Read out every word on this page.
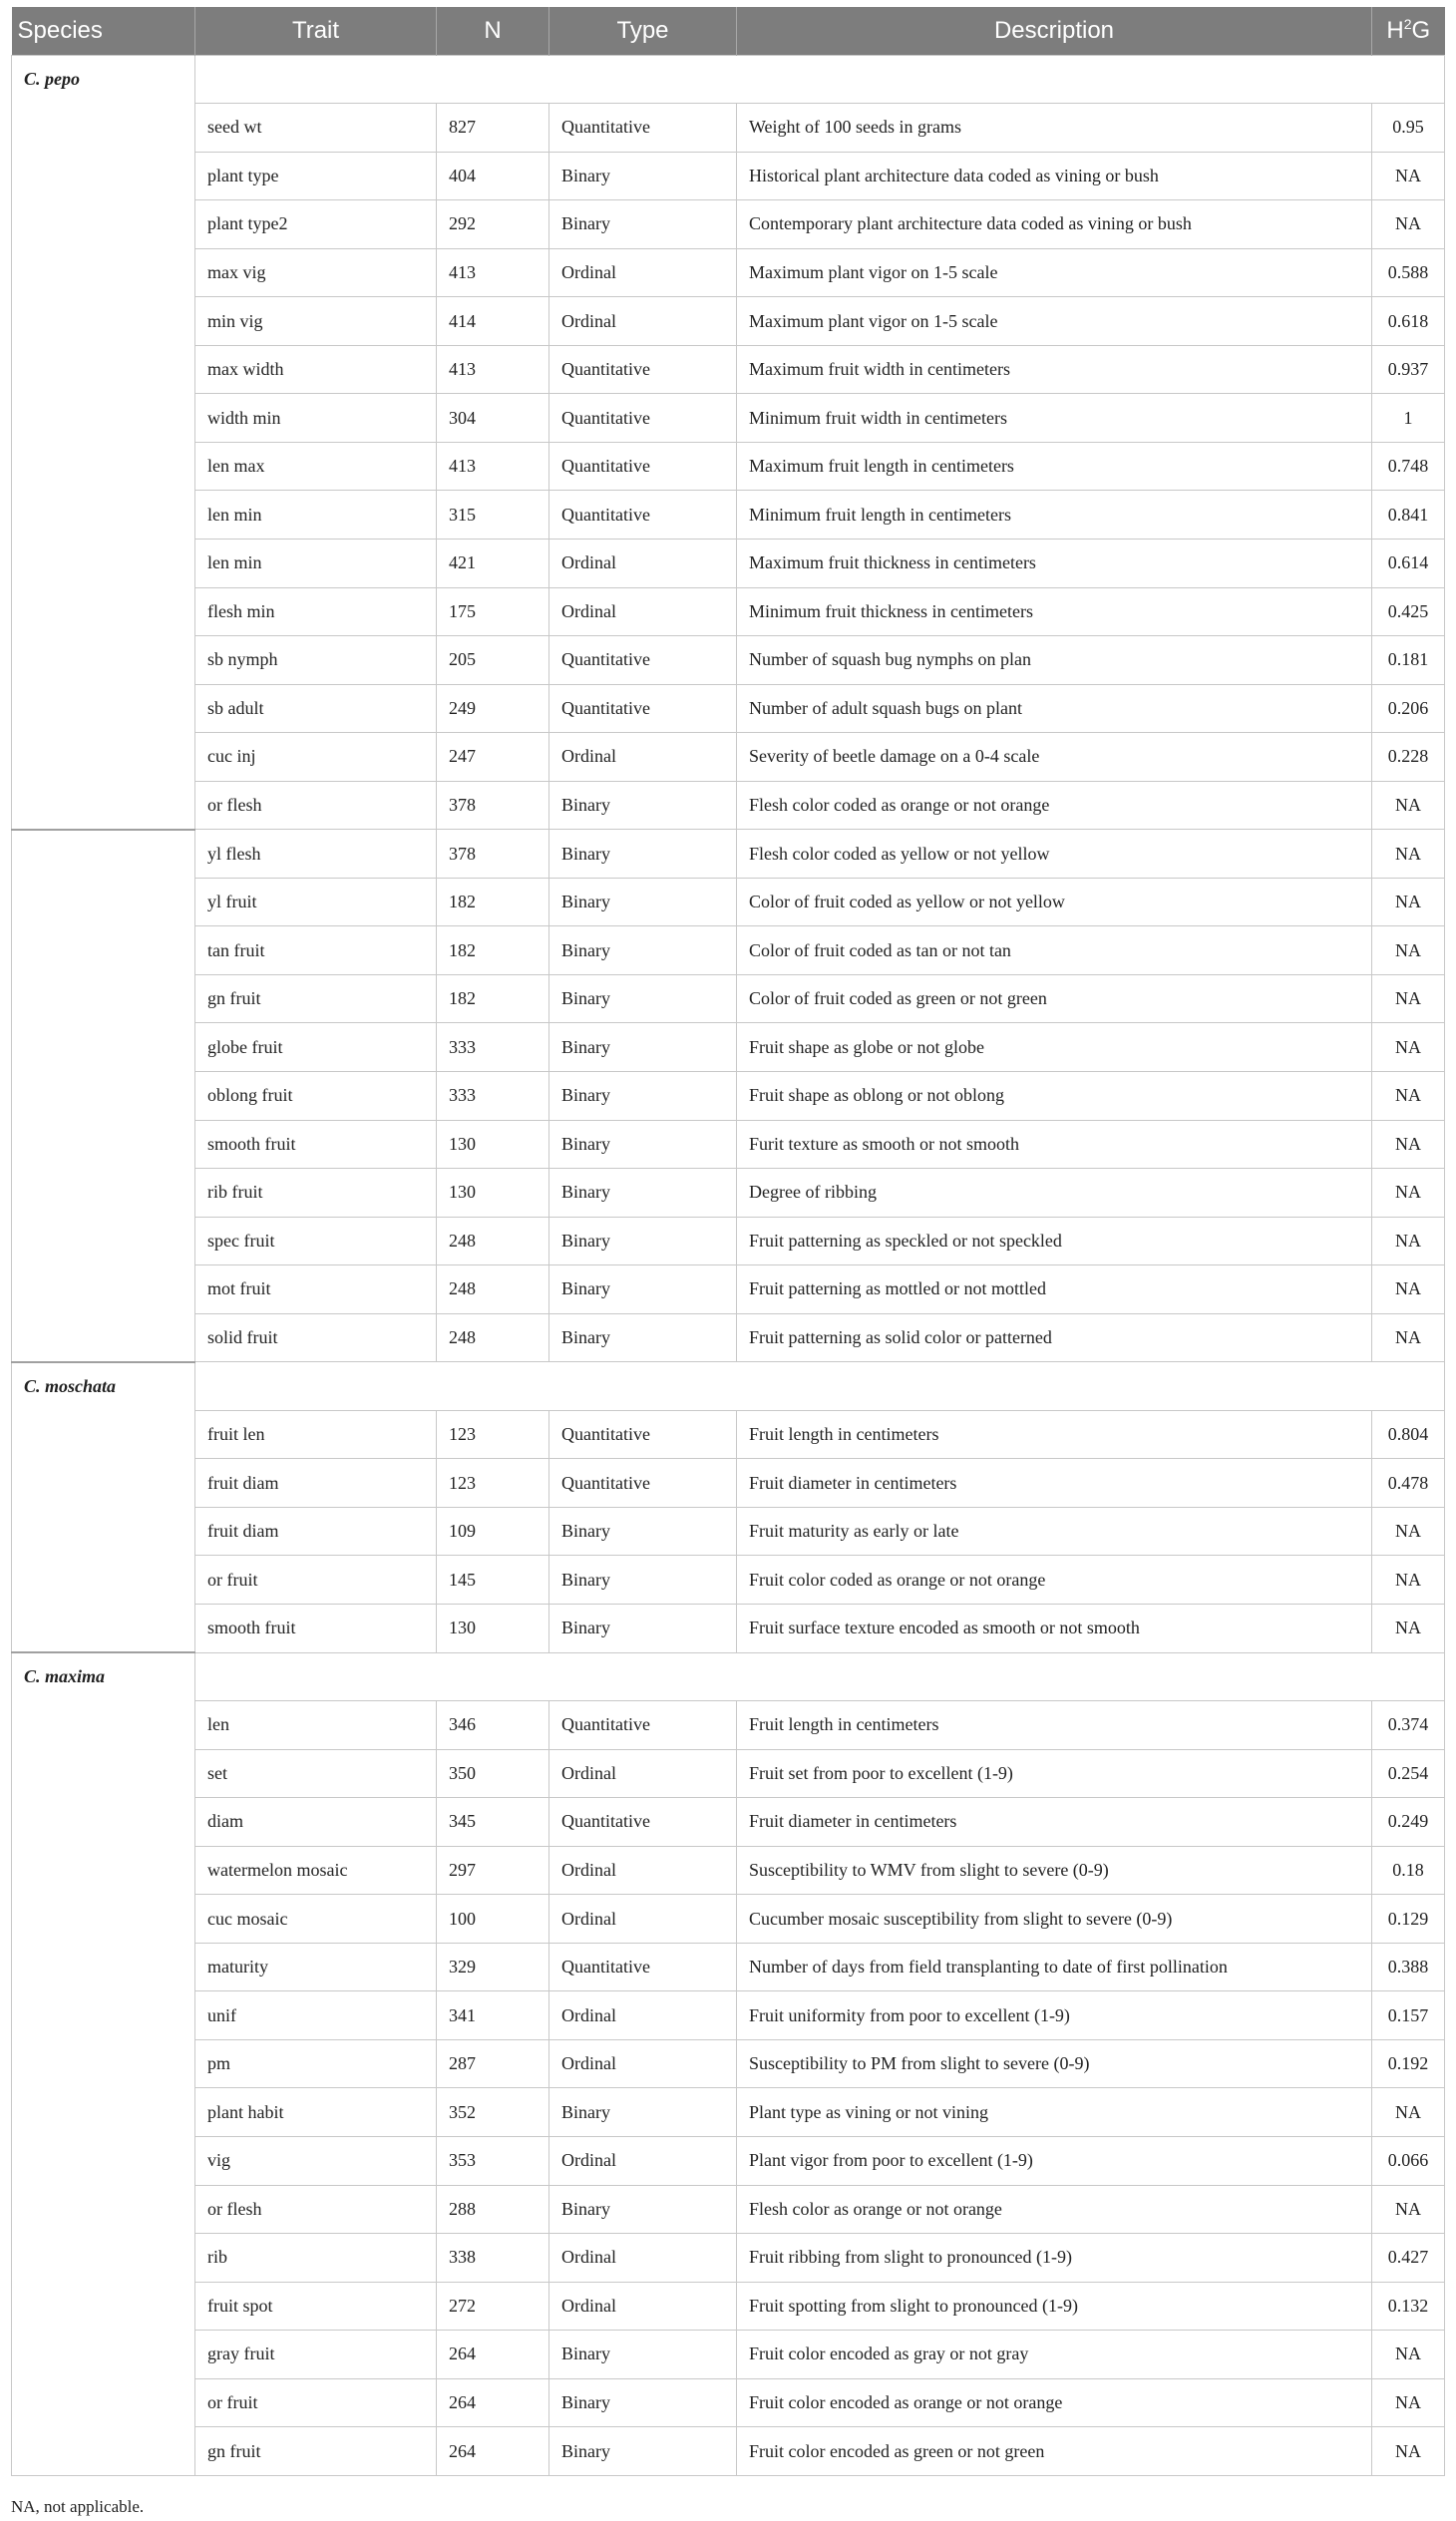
Species	Trait	N	Type	Description	$H^2G$
C. pepo					
	seed wt	827	Quantitative	Weight of 100 seeds in grams	0.95
	plant type	404	Binary	Historical plant architecture data coded as vining or bush	NA
	plant type2	292	Binary	Contemporary plant architecture data coded as vining or bush	NA
	max vig	413	Ordinal	Maximum plant vigor on 1-5 scale	0.588
	min vig	414	Ordinal	Maximum plant vigor on 1-5 scale	0.618
	max width	413	Quantitative	Maximum fruit width in centimeters	0.937
	width min	304	Quantitative	Minimum fruit width in centimeters	1
	len max	413	Quantitative	Maximum fruit length in centimeters	0.748
	len min	315	Quantitative	Minimum fruit length in centimeters	0.841
	len min	421	Ordinal	Maximum fruit thickness in centimeters	0.614
	flesh min	175	Ordinal	Minimum fruit thickness in centimeters	0.425
	sb nymph	205	Quantitative	Number of squash bug nymphs on plan	0.181
	sb adult	249	Quantitative	Number of adult squash bugs on plant	0.206
	cuc inj	247	Ordinal	Severity of beetle damage on a 0-4 scale	0.228
	or flesh	378	Binary	Flesh color coded as orange or not orange	NA
	yl flesh	378	Binary	Flesh color coded as yellow or not yellow	NA
	yl fruit	182	Binary	Color of fruit coded as yellow or not yellow	NA
	tan fruit	182	Binary	Color of fruit coded as tan or not tan	NA
	gn fruit	182	Binary	Color of fruit coded as green or not green	NA
	globe fruit	333	Binary	Fruit shape as globe or not globe	NA
	oblong fruit	333	Binary	Fruit shape as oblong or not oblong	NA
	smooth fruit	130	Binary	Furit texture as smooth or not smooth	NA
	rib fruit	130	Binary	Degree of ribbing	NA
	spec fruit	248	Binary	Fruit patterning as speckled or not speckled	NA
	mot fruit	248	Binary	Fruit patterning as mottled or not mottled	NA
	solid fruit	248	Binary	Fruit patterning as solid color or patterned	NA
C. moschata					
	fruit len	123	Quantitative	Fruit length in centimeters	0.804
	fruit diam	123	Quantitative	Fruit diameter in centimeters	0.478
	fruit diam	109	Binary	Fruit maturity as early or late	NA
	or fruit	145	Binary	Fruit color coded as orange or not orange	NA
	smooth fruit	130	Binary	Fruit surface texture encoded as smooth or not smooth	NA
C. maxima					
	len	346	Quantitative	Fruit length in centimeters	0.374
	set	350	Ordinal	Fruit set from poor to excellent (1-9)	0.254
	diam	345	Quantitative	Fruit diameter in centimeters	0.249
	watermelon mosaic	297	Ordinal	Susceptibility to WMV from slight to severe (0-9)	0.18
	cuc mosaic	100	Ordinal	Cucumber mosaic susceptibility from slight to severe (0-9)	0.129
	maturity	329	Quantitative	Number of days from field transplanting to date of first pollination	0.388
	unif	341	Ordinal	Fruit uniformity from poor to excellent (1-9)	0.157
	pm	287	Ordinal	Susceptibility to PM from slight to severe (0-9)	0.192
	plant habit	352	Binary	Plant type as vining or not vining	NA
	vig	353	Ordinal	Plant vigor from poor to excellent (1-9)	0.066
	or flesh	288	Binary	Flesh color as orange or not orange	NA
	rib	338	Ordinal	Fruit ribbing from slight to pronounced (1-9)	0.427
	fruit spot	272	Ordinal	Fruit spotting from slight to pronounced (1-9)	0.132
	gray fruit	264	Binary	Fruit color encoded as gray or not gray	NA
	or fruit	264	Binary	Fruit color encoded as orange or not orange	NA
	gn fruit	264	Binary	Fruit color encoded as green or not green	NA
NA, not applicable.
